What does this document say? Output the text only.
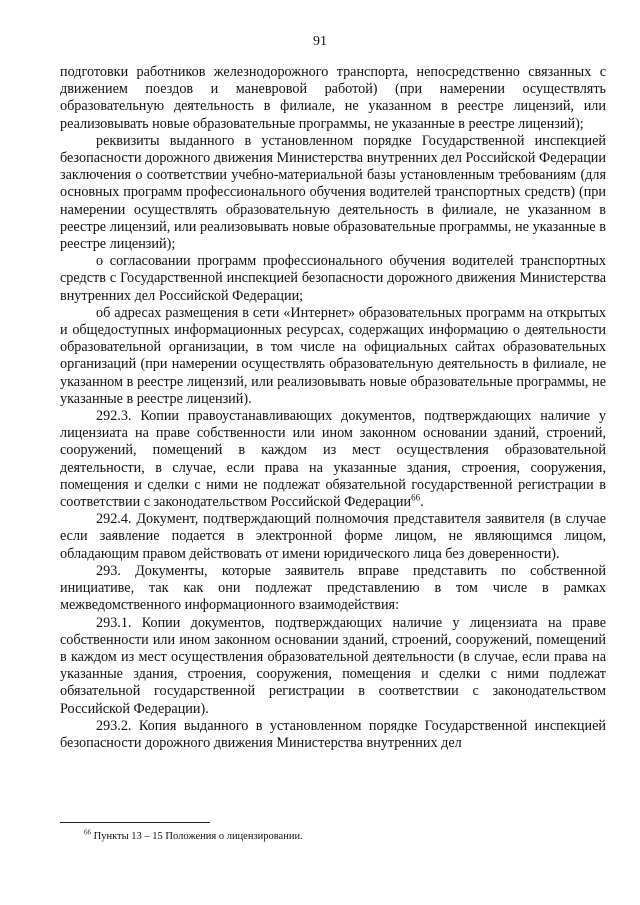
91

подготовки работников железнодорожного транспорта, непосредственно связанных с движением поездов и маневровой работой) (при намерении осуществлять образовательную деятельность в филиале, не указанном в реестре лицензий, или реализовывать новые образовательные программы, не указанные в реестре лицензий);

реквизиты выданного в установленном порядке Государственной инспекцией безопасности дорожного движения Министерства внутренних дел Российской Федерации заключения о соответствии учебно-материальной базы установленным требованиям (для основных программ профессионального обучения водителей транспортных средств) (при намерении осуществлять образовательную деятельность в филиале, не указанном в реестре лицензий, или реализовывать новые образовательные программы, не указанные в реестре лицензий);

о согласовании программ профессионального обучения водителей транспортных средств с Государственной инспекцией безопасности дорожного движения Министерства внутренних дел Российской Федерации;

об адресах размещения в сети «Интернет» образовательных программ на открытых и общедоступных информационных ресурсах, содержащих информацию о деятельности образовательной организации, в том числе на официальных сайтах образовательных организаций (при намерении осуществлять образовательную деятельность в филиале, не указанном в реестре лицензий, или реализовывать новые образовательные программы, не указанные в реестре лицензий).

292.3. Копии правоустанавливающих документов, подтверждающих наличие у лицензиата на праве собственности или ином законном основании зданий, строений, сооружений, помещений в каждом из мест осуществления образовательной деятельности, в случае, если права на указанные здания, строения, сооружения, помещения и сделки с ними не подлежат обязательной государственной регистрации в соответствии с законодательством Российской Федерации$^{66}$.

292.4. Документ, подтверждающий полномочия представителя заявителя (в случае если заявление подается в электронной форме лицом, не являющимся лицом, обладающим правом действовать от имени юридического лица без доверенности).

293. Документы, которые заявитель вправе представить по собственной инициативе, так как они подлежат представлению в том числе в рамках межведомственного информационного взаимодействия:

293.1. Копии документов, подтверждающих наличие у лицензиата на праве собственности или ином законном основании зданий, строений, сооружений, помещений в каждом из мест осуществления образовательной деятельности (в случае, если права на указанные здания, строения, сооружения, помещения и сделки с ними подлежат обязательной государственной регистрации в соответствии с законодательством Российской Федерации).

293.2. Копия выданного в установленном порядке Государственной инспекцией безопасности дорожного движения Министерства внутренних дел

$^{66}$ Пункты 13 – 15 Положения о лицензировании.
